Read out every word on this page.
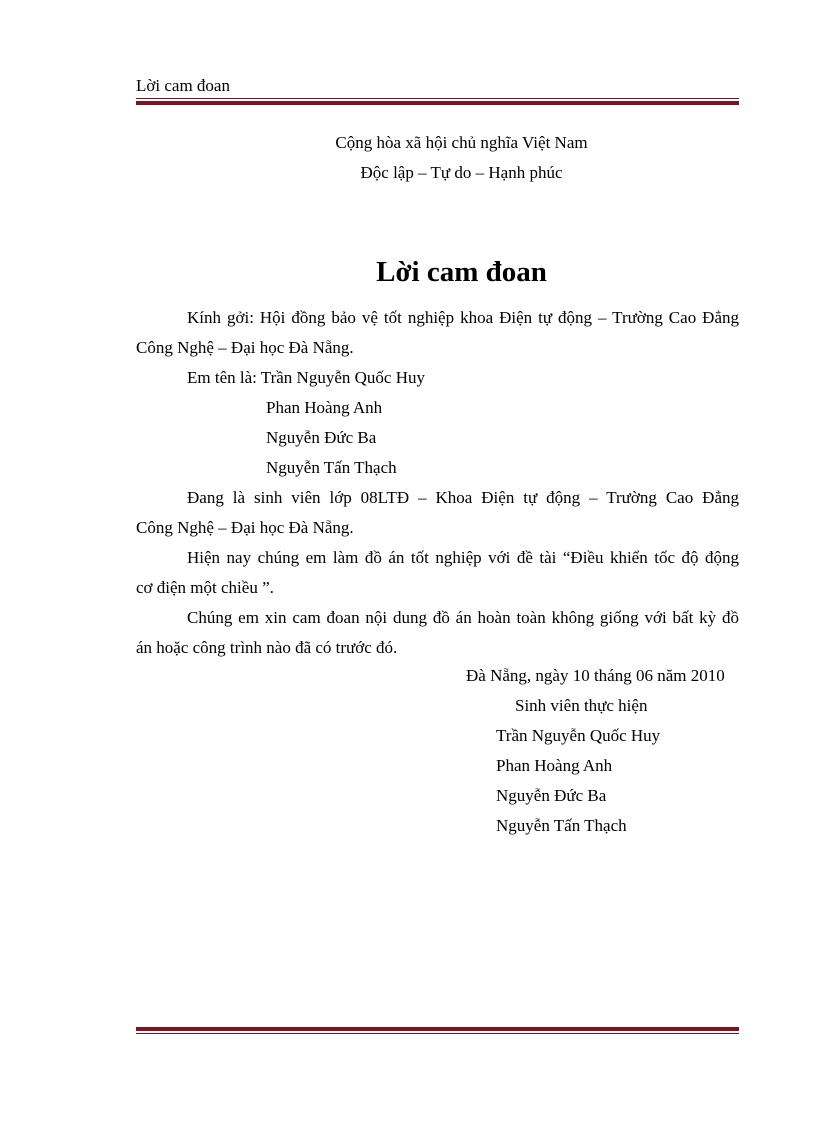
Lời cam đoan
Cộng hòa xã hội chủ nghĩa Việt Nam
Độc lập – Tự do – Hạnh phúc
Lời cam đoan
Kính gởi: Hội đồng bảo vệ tốt nghiệp khoa Điện tự động – Trường Cao Đẳng
Công Nghệ – Đại học Đà Nẵng.
Em tên là: Trần Nguyễn Quốc Huy
Phan Hoàng Anh
Nguyễn Đức Ba
Nguyễn Tấn Thạch
Đang là sinh viên lớp 08LTĐ – Khoa Điện tự động – Trường Cao Đẳng
Công Nghệ – Đại học Đà Nẵng.
Hiện nay chúng em làm đồ án tốt nghiệp với đề tài “Điều khiển tốc độ động
cơ điện một chiều ”.
Chúng em xin cam đoan nội dung đồ án hoàn toàn không giống với bất kỳ đồ
án hoặc công trình nào đã có trước đó.
Đà Nẵng, ngày 10 tháng 06 năm 2010
Sinh viên thực hiện
Trần Nguyễn Quốc Huy
Phan Hoàng Anh
Nguyễn Đức Ba
Nguyễn Tấn Thạch
